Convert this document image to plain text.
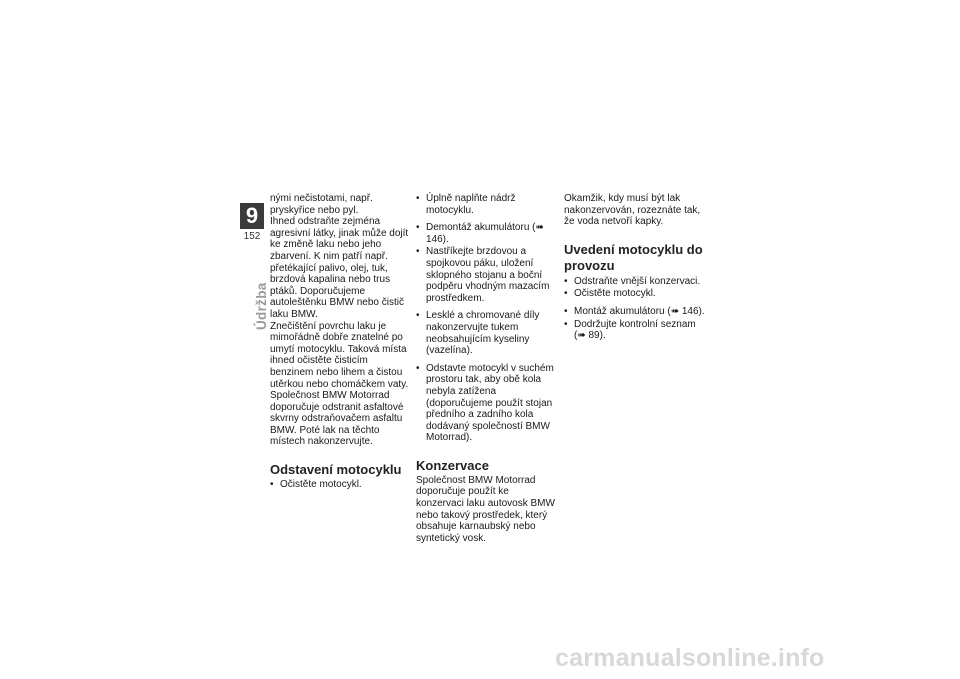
9
152
Údržba

nými nečistotami, např. pryskyřice nebo pyl.

Ihned odstraňte zejména agresivní látky, jinak může dojít ke změně laku nebo jeho zbarvení. K nim patří např. přetékající palivo, olej, tuk, brzdová kapalina nebo trus ptáků. Doporučujeme autoleštěnku BMW nebo čistič laku BMW.

Znečištění povrchu laku je mimořádně dobře znatelné po umytí motocyklu. Taková místa ihned očistěte čisticím benzinem nebo lihem a čistou utěrkou nebo chomáčkem vaty. Společnost BMW Motorrad doporučuje odstranit asfaltové skvrny odstraňovačem asfaltu BMW. Poté lak na těchto místech nakonzervujte.

Odstavení motocyklu
• Očistěte motocykl.
• Úplně naplňte nádrž motocyklu.
• Demontáž akumulátoru (➠ 146).
• Nastříkejte brzdovou a spojkovou páku, uložení sklopného stojanu a boční podpěru vhodným mazacím prostředkem.
• Lesklé a chromované díly nakonzervujte tukem neobsahujícím kyseliny (vazelína).
• Odstavte motocykl v suchém prostoru tak, aby obě kola nebyla zatížena (doporučujeme použít stojan předního a zadního kola dodávaný společností BMW Motorrad).
Konzervace

Společnost BMW Motorrad doporučuje použít ke konzervaci laku autovosk BMW nebo takový prostředek, který obsahuje karnaubský nebo syntetický vosk.

Okamžik, kdy musí být lak nakonzervován, rozeznáte tak, že voda netvoří kapky.

Uvedení motocyklu do provozu
• Odstraňte vnější konzervaci.
• Očistěte motocykl.
• Montáž akumulátoru (➠ 146).
• Dodržujte kontrolní seznam (➠ 89).
carmanualsonline.info
